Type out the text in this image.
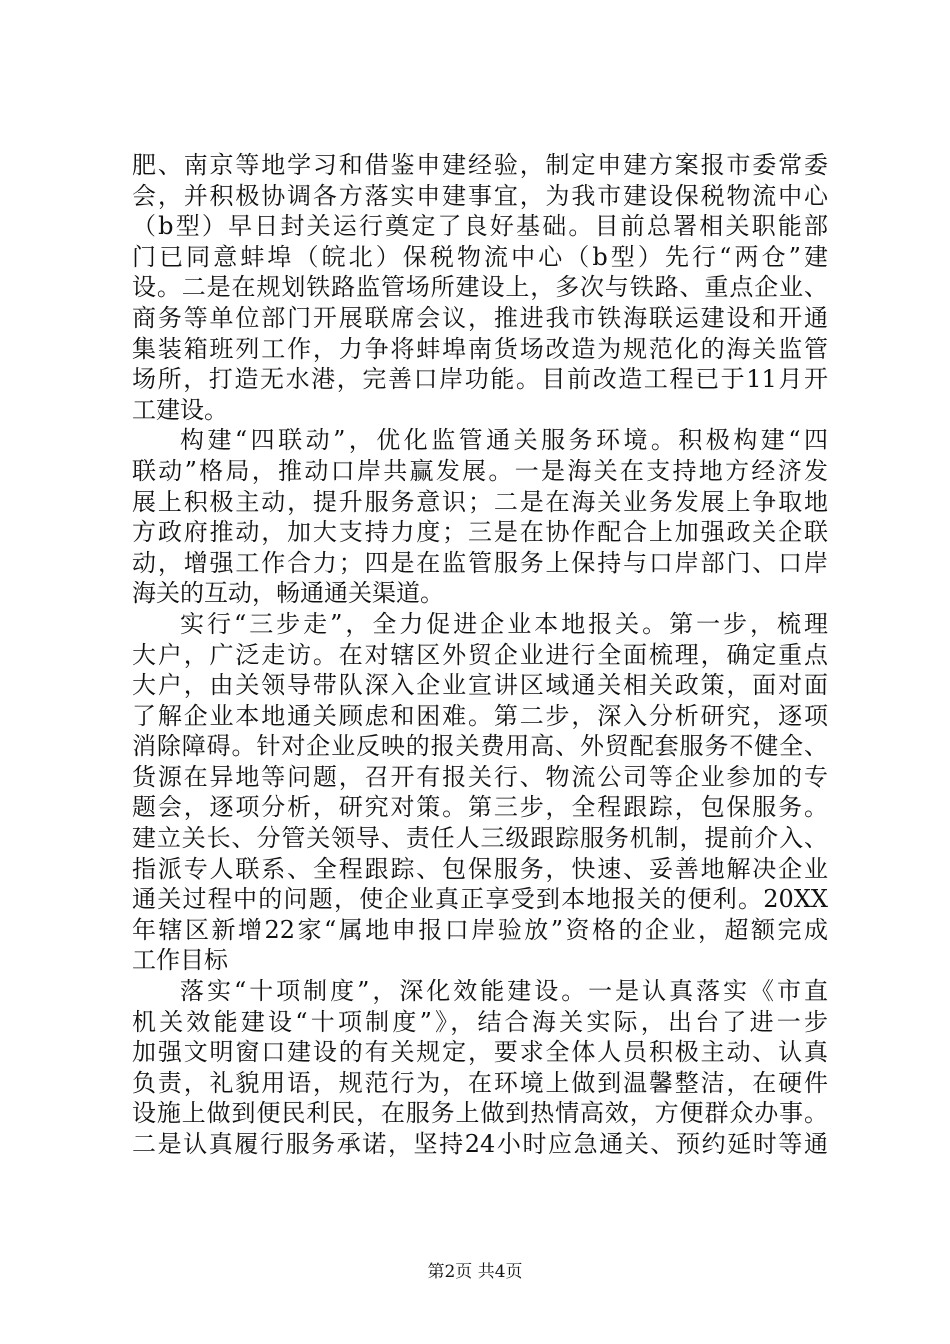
肥、南京等地学习和借鉴申建经验，制定申建方案报市委常委
会，并积极协调各方落实申建事宜，为我市建设保税物流中心
（b型）早日封关运行奠定了良好基础。目前总署相关职能部
门已同意蚌埠（皖北）保税物流中心（b型）先行“两仓”建
设。二是在规划铁路监管场所建设上，多次与铁路、重点企业、
商务等单位部门开展联席会议，推进我市铁海联运建设和开通
集装箱班列工作，力争将蚌埠南货场改造为规范化的海关监管
场所，打造无水港，完善口岸功能。目前改造工程已于11月开
工建设。
构建“四联动”，优化监管通关服务环境。积极构建“四
联动”格局，推动口岸共赢发展。一是海关在支持地方经济发
展上积极主动，提升服务意识；二是在海关业务发展上争取地
方政府推动，加大支持力度；三是在协作配合上加强政关企联
动，增强工作合力；四是在监管服务上保持与口岸部门、口岸
海关的互动，畅通通关渠道。
实行“三步走”，全力促进企业本地报关。第一步，梳理
大户，广泛走访。在对辖区外贸企业进行全面梳理，确定重点
大户，由关领导带队深入企业宣讲区域通关相关政策，面对面
了解企业本地通关顾虑和困难。第二步，深入分析研究，逐项
消除障碍。针对企业反映的报关费用高、外贸配套服务不健全、
货源在异地等问题，召开有报关行、物流公司等企业参加的专
题会，逐项分析，研究对策。第三步，全程跟踪，包保服务。
建立关长、分管关领导、责任人三级跟踪服务机制，提前介入、
指派专人联系、全程跟踪、包保服务，快速、妥善地解决企业
通关过程中的问题，使企业真正享受到本地报关的便利。20XX
年辖区新增22家“属地申报口岸验放”资格的企业，超额完成
工作目标
落实“十项制度”，深化效能建设。一是认真落实《市直
机关效能建设“十项制度”》，结合海关实际，出台了进一步
加强文明窗口建设的有关规定，要求全体人员积极主动、认真
负责，礼貌用语，规范行为，在环境上做到温馨整洁，在硬件
设施上做到便民利民，在服务上做到热情高效，方便群众办事。
二是认真履行服务承诺，坚持24小时应急通关、预约延时等通
第2页 共4页
